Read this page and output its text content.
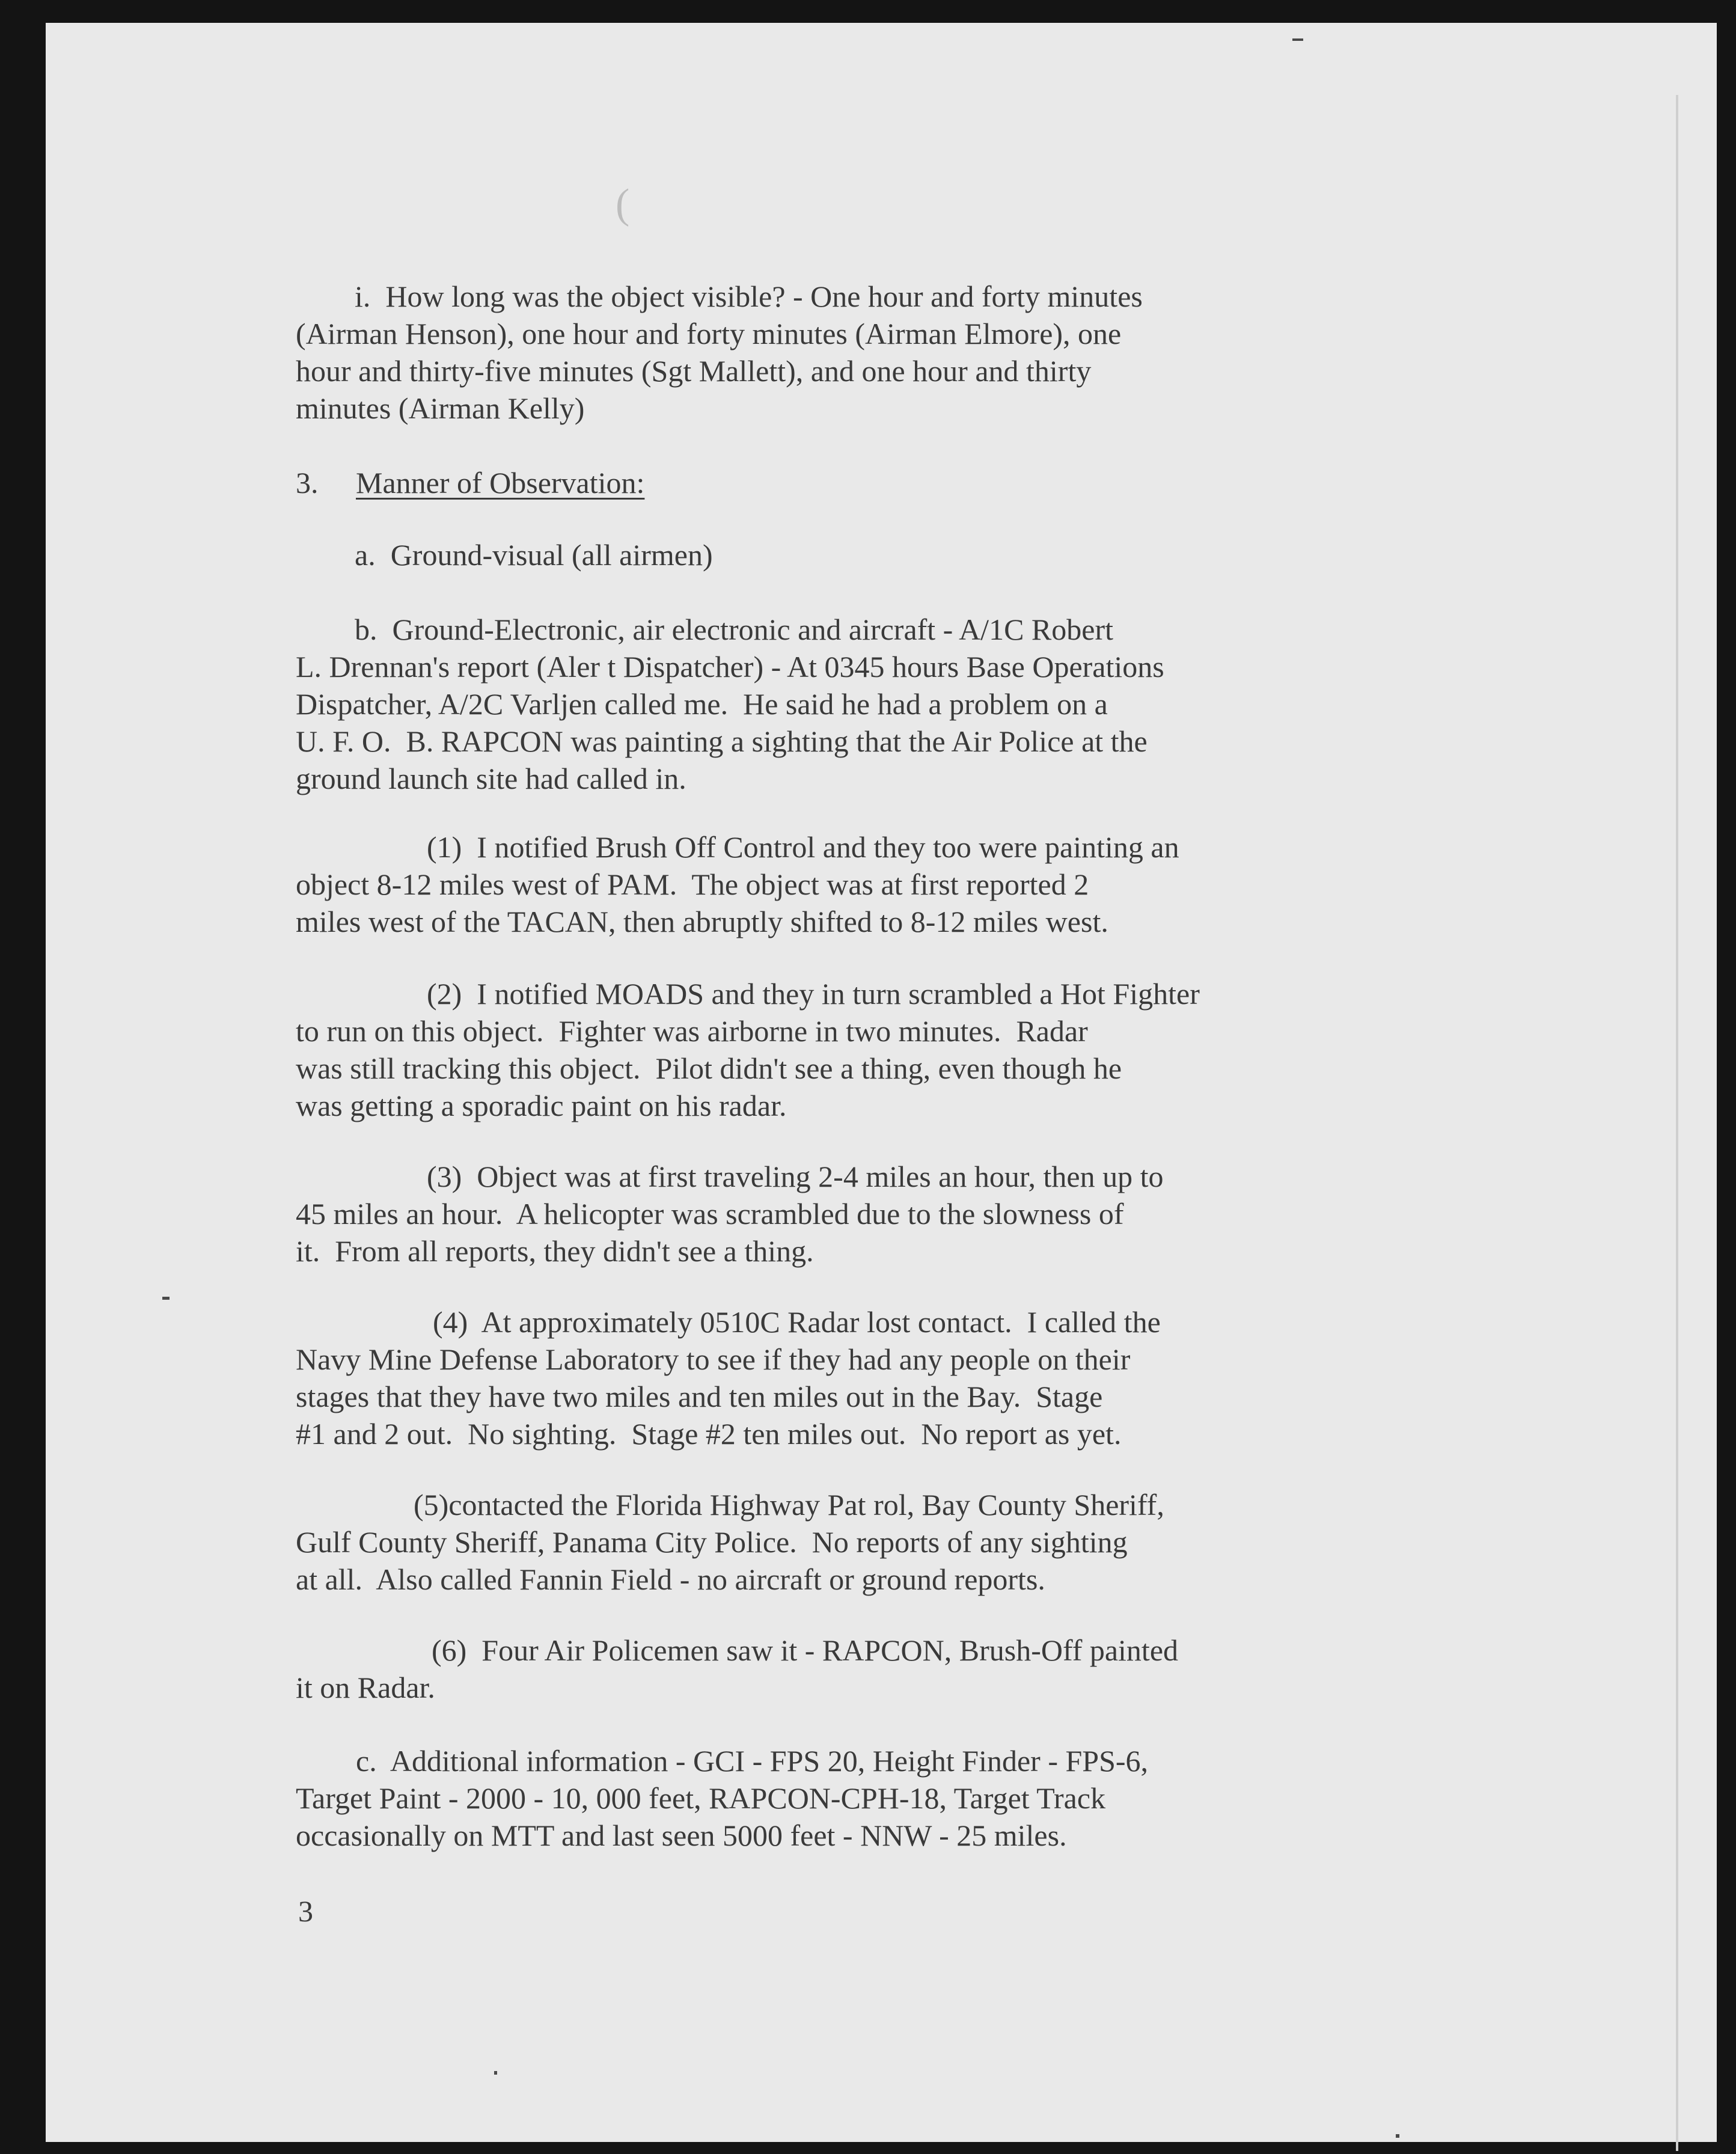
(
i.  How long was the object visible? - One hour and forty minutes
(Airman Henson), one hour and forty minutes (Airman Elmore), one
hour and thirty-five minutes (Sgt Mallett), and one hour and thirty
minutes (Airman Kelly)
3. Manner of Observation:
a.  Ground-visual (all airmen)
b.  Ground-Electronic, air electronic and aircraft - A/1C Robert
L. Drennan's report (Aler t Dispatcher) - At 0345 hours Base Operations
Dispatcher, A/2C Varljen called me.  He said he had a problem on a
U. F. O.  B. RAPCON was painting a sighting that the Air Police at the
ground launch site had called in.
(1)  I notified Brush Off Control and they too were painting an
object 8-12 miles west of PAM.  The object was at first reported 2
miles west of the TACAN, then abruptly shifted to 8-12 miles west.
(2)  I notified MOADS and they in turn scrambled a Hot Fighter
to run on this object.  Fighter was airborne in two minutes.  Radar
was still tracking this object.  Pilot didn't see a thing, even though he
was getting a sporadic paint on his radar.
(3)  Object was at first traveling 2-4 miles an hour, then up to
45 miles an hour.  A helicopter was scrambled due to the slowness of
it.  From all reports, they didn't see a thing.
(4)  At approximately 0510C Radar lost contact.  I called the
Navy Mine Defense Laboratory to see if they had any people on their
stages that they have two miles and ten miles out in the Bay.  Stage
#1 and 2 out.  No sighting.  Stage #2 ten miles out.  No report as yet.
(5)contacted the Florida Highway Pat rol, Bay County Sheriff,
Gulf County Sheriff, Panama City Police.  No reports of any sighting
at all.  Also called Fannin Field - no aircraft or ground reports.
(6)  Four Air Policemen saw it - RAPCON, Brush-Off painted
it on Radar.
c.  Additional information - GCI - FPS 20, Height Finder - FPS-6,
Target Paint - 2000 - 10, 000 feet, RAPCON-CPH-18, Target Track
occasionally on MTT and last seen 5000 feet - NNW - 25 miles.
3
